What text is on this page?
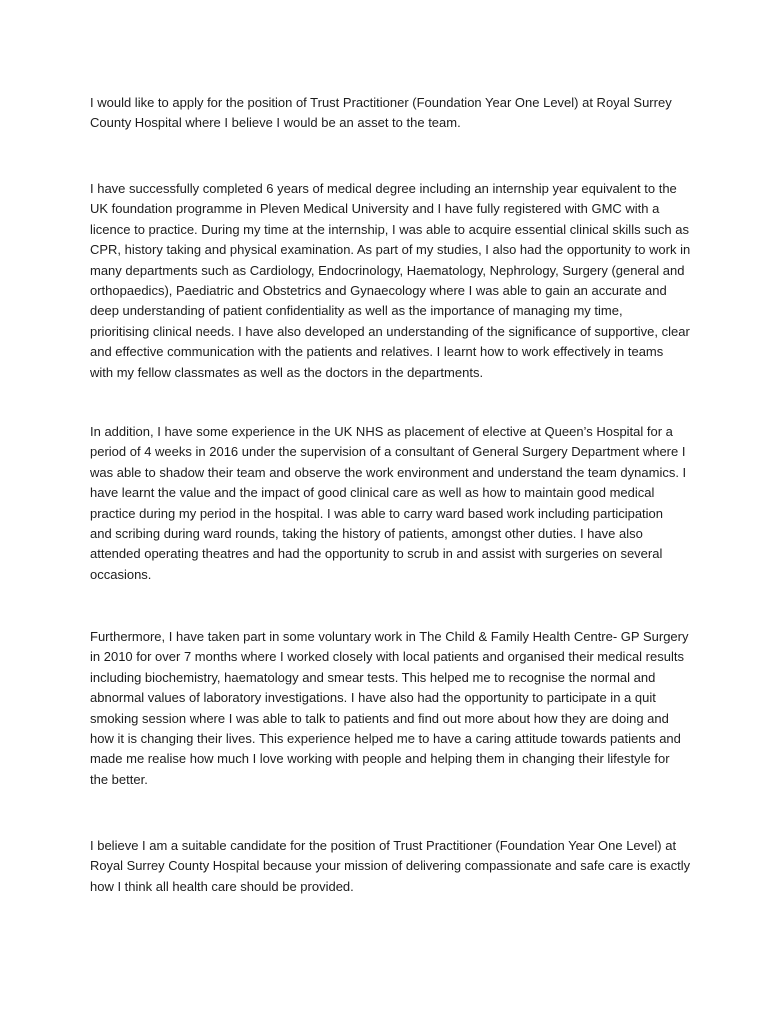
I would like to apply for the position of Trust Practitioner (Foundation Year One Level) at Royal Surrey
County Hospital where I believe I would be an asset to the team.

I have successfully completed 6 years of medical degree including an internship year equivalent to the
UK foundation programme in Pleven Medical University and I have fully registered with GMC with a
licence to practice. During my time at the internship, I was able to acquire essential clinical skills such as
CPR, history taking and physical examination. As part of my studies, I also had the opportunity to work in
many departments such as Cardiology, Endocrinology, Haematology, Nephrology, Surgery (general and
orthopaedics), Paediatric and Obstetrics and Gynaecology where I was able to gain an accurate and
deep understanding of patient confidentiality as well as the importance of managing my time,
prioritising clinical needs. I have also developed an understanding of the significance of supportive, clear
and effective communication with the patients and relatives. I learnt how to work effectively in teams
with my fellow classmates as well as the doctors in the departments.

In addition, I have some experience in the UK NHS as placement of elective at Queen’s Hospital for a
period of 4 weeks in 2016 under the supervision of a consultant of General Surgery Department where I
was able to shadow their team and observe the work environment and understand the team dynamics. I
have learnt the value and the impact of good clinical care as well as how to maintain good medical
practice during my period in the hospital. I was able to carry ward based work including participation
and scribing during ward rounds, taking the history of patients, amongst other duties. I have also
attended operating theatres and had the opportunity to scrub in and assist with surgeries on several
occasions.

Furthermore, I have taken part in some voluntary work in The Child & Family Health Centre- GP Surgery
in 2010 for over 7 months where I worked closely with local patients and organised their medical results
including biochemistry, haematology and smear tests. This helped me to recognise the normal and
abnormal values of laboratory investigations. I have also had the opportunity to participate in a quit
smoking session where I was able to talk to patients and find out more about how they are doing and
how it is changing their lives. This experience helped me to have a caring attitude towards patients and
made me realise how much I love working with people and helping them in changing their lifestyle for
the better.

I believe I am a suitable candidate for the position of Trust Practitioner (Foundation Year One Level) at
Royal Surrey County Hospital because your mission of delivering compassionate and safe care is exactly
how I think all health care should be provided.
